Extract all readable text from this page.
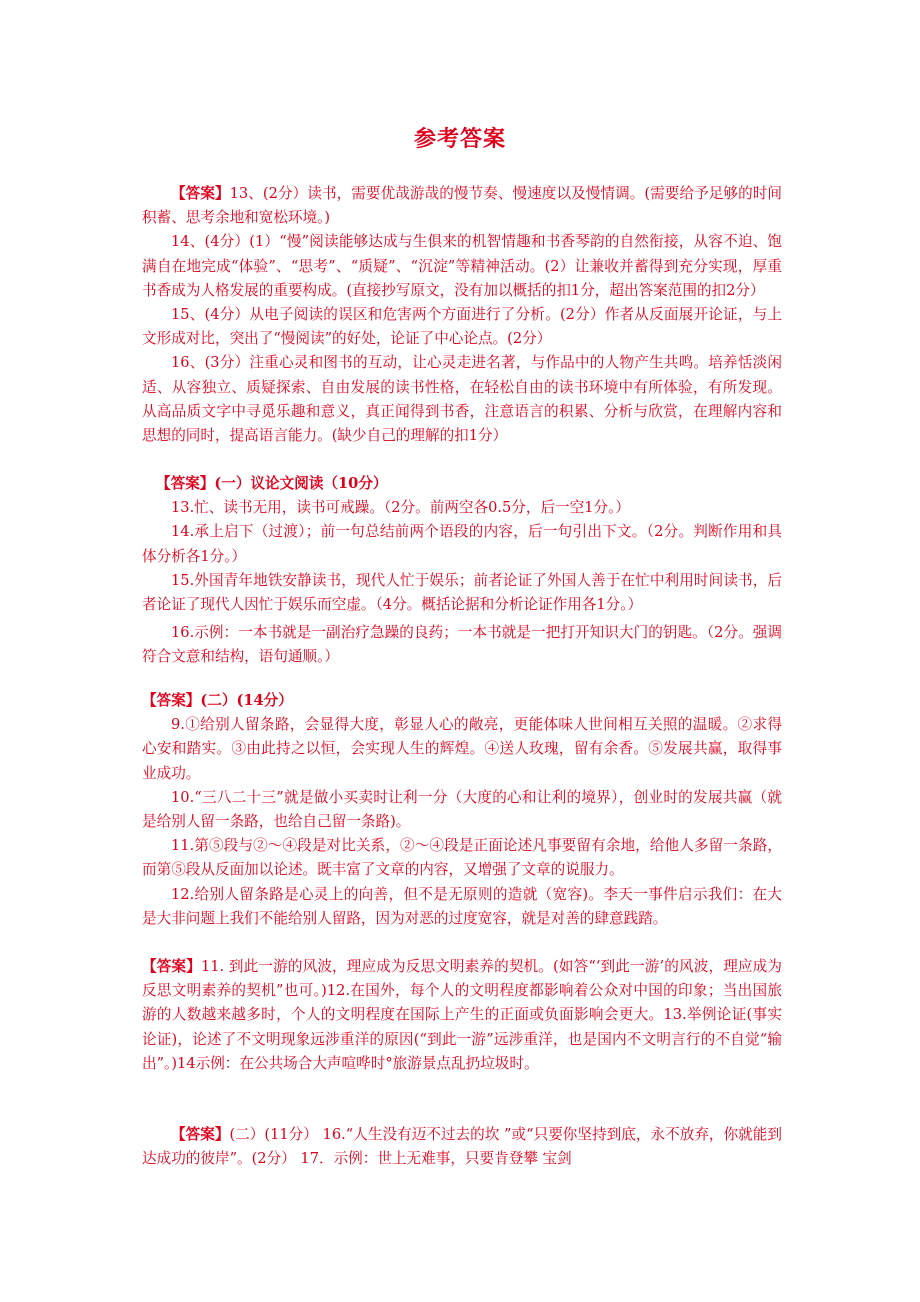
参考答案

【答案】13、(2分）读书，需要优哉游哉的慢节奏、慢速度以及慢情调。(需要给予足够的时间积蓄、思考余地和宽松环境。)

14、(4分）(1）“慢”阅读能够达成与生俱来的机智情趣和书香琴韵的自然衔接，从容不迫、饱满自在地完成“体验”、“思考”、“质疑”、“沉淀”等精神活动。(2）让兼收并蓄得到充分实现，厚重书香成为人格发展的重要构成。(直接抄写原文，没有加以概括的扣1分，超出答案范围的扣2分）

15、(4分）从电子阅读的误区和危害两个方面进行了分析。(2分）作者从反面展开论证，与上文形成对比，突出了“慢阅读”的好处，论证了中心论点。(2分）

16、(3分）注重心灵和图书的互动，让心灵走进名著，与作品中的人物产生共鸣。培养恬淡闲适、从容独立、质疑探索、自由发展的读书性格，在轻松自由的读书环境中有所体验，有所发现。从高品质文字中寻觅乐趣和意义，真正闻得到书香，注意语言的积累、分析与欣赏，在理解内容和思想的同时，提高语言能力。(缺少自己的理解的扣1分）

【答案】(一）议论文阅读（10分）

13.忙、读书无用，读书可戒躁。（2分。前两空各0.5分，后一空1分。）

14.承上启下（过渡）；前一句总结前两个语段的内容，后一句引出下文。（2分。判断作用和具体分析各1分。）

15.外国青年地铁安静读书，现代人忙于娱乐；前者论证了外国人善于在忙中利用时间读书，后者论证了现代人因忙于娱乐而空虚。（4分。概括论据和分析论证作用各1分。）

16.示例：一本书就是一副治疗急躁的良药；一本书就是一把打开知识大门的钥匙。（2分。强调符合文意和结构，语句通顺。）

【答案】(二）(14分）

9.①给别人留条路，会显得大度，彰显人心的敞亮，更能体味人世间相互关照的温暖。②求得心安和踏实。③由此持之以恒，会实现人生的辉煌。④送人玫瑰，留有余香。⑤发展共赢，取得事业成功。

10.“三八二十三”就是做小买卖时让利一分（大度的心和让利的境界），创业时的发展共赢（就是给别人留一条路，也给自己留一条路)。

11.第⑤段与②～④段是对比关系，②～④段是正面论述凡事要留有余地，给他人多留一条路，而第⑤段从反面加以论述。既丰富了文章的内容，又增强了文章的说服力。

12.给别人留条路是心灵上的向善，但不是无原则的造就（宽容)。李天一事件启示我们：在大是大非问题上我们不能给别人留路，因为对恶的过度宽容，就是对善的肆意践踏。

【答案】11. 到此一游的风波，理应成为反思文明素养的契机。(如答“‘到此一游’的风波，理应成为反思文明素养的契机”也可。)12.在国外，每个人的文明程度都影响着公众对中国的印象；当出国旅游的人数越来越多时，个人的文明程度在国际上产生的正面或负面影响会更大。13.举例论证(事实论证)，论述了不文明现象远涉重洋的原因(“到此一游”远涉重洋，也是国内不文明言行的不自觉“输出”。)14示例：在公共场合大声喧哗时°旅游景点乱扔垃圾时。

【答案】(二）(11分） 16.“人生没有迈不过去的坎 ”或“只要你坚持到底，永不放弃，你就能到达成功的彼岸”。(2分） 17．示例：世上无难事，只要肯登攀 宝剑
